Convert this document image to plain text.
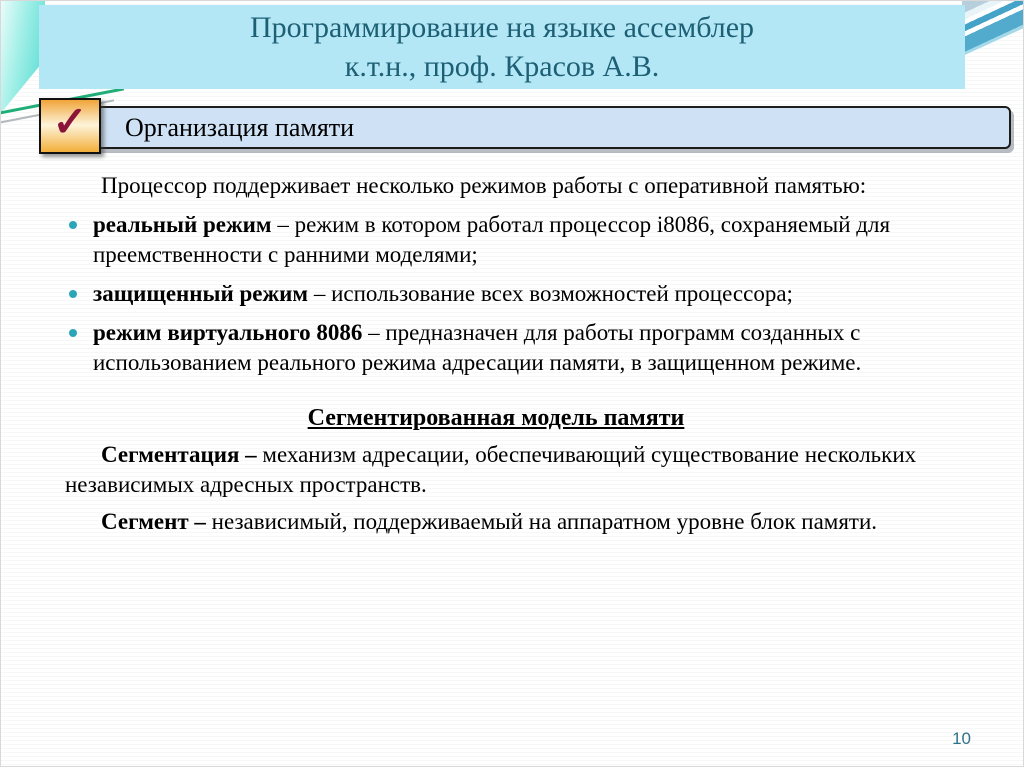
Программирование на языке ассемблер
к.т.н., проф. Красов А.В.
✓ Организация памяти

Процессор поддерживает несколько режимов работы с оперативной памятью:

реальный режим – режим в котором работал процессор i8086, сохраняемый для преемственности с ранними моделями;
защищенный режим – использование всех возможностей процессора;
режим виртуального 8086 – предназначен для работы программ созданных с использованием реального режима адресации памяти, в защищенном режиме.

Сегментированная модель памяти

Сегментация – механизм адресации, обеспечивающий существование нескольких независимых адресных пространств.

Сегмент – независимый, поддерживаемый на аппаратном уровне блок памяти.

10
